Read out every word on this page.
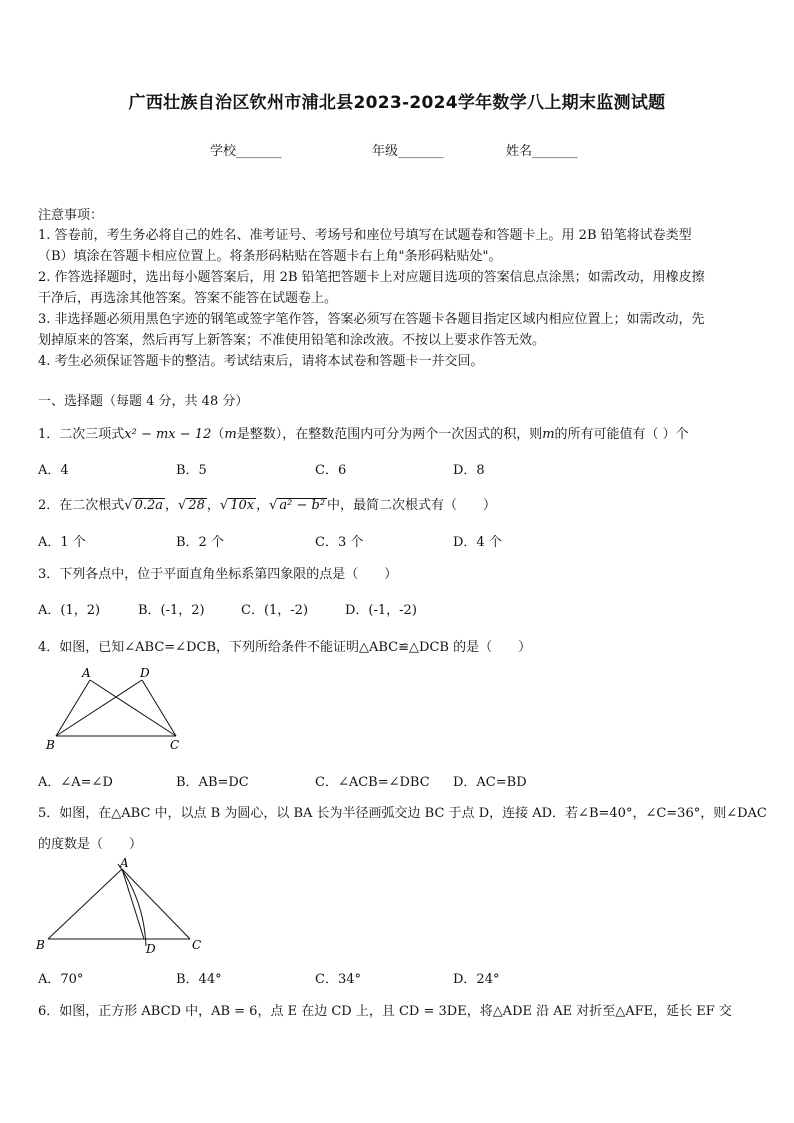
广西壮族自治区钦州市浦北县2023-2024学年数学八上期末监测试题
学校_______	年级_______	姓名_______
注意事项：
1. 答卷前，考生务必将自己的姓名、准考证号、考场号和座位号填写在试题卷和答题卡上。用 2B 铅笔将试卷类型
（B）填涂在答题卡相应位置上。将条形码粘贴在答题卡右上角"条形码粘贴处"。
2. 作答选择题时，选出每小题答案后，用 2B 铅笔把答题卡上对应题目选项的答案信息点涂黑；如需改动，用橡皮擦
干净后，再选涂其他答案。答案不能答在试题卷上。
3. 非选择题必须用黑色字迹的钢笔或签字笔作答，答案必须写在答题卡各题目指定区域内相应位置上；如需改动，先
划掉原来的答案，然后再写上新答案；不准使用铅笔和涂改液。不按以上要求作答无效。
4. 考生必须保证答题卡的整洁。考试结束后，请将本试卷和答题卡一并交回。
一、选择题（每题 4 分，共 48 分）
1．二次三项式x² − mx − 12（m是整数），在整数范围内可分为两个一次因式的积，则m的所有可能值有（ ）个
A．4	B．5	C．6	D．8
2．在二次根式√ 0.2a ，√ 28 ，√ 10x ，√ a² − b² 中，最简二次根式有（　　）
A．1 个	B．2 个	C．3 个	D．4 个
3．下列各点中，位于平面直角坐标系第四象限的点是（　　）
A．(1，2)	B．(-1，2)	C．(1，-2)	D．(-1，-2)
4．如图，已知∠ABC=∠DCB，下列所给条件不能证明△ABC≌△DCB 的是（　　）
A	D
B	C
A．∠A=∠D	B．AB=DC	C．∠ACB=∠DBC D．AC=BD
5．如图，在△ABC 中，以点 B 为圆心，以 BA 长为半径画弧交边 BC 于点 D，连接 AD．若∠B=40°，∠C=36°，则∠DAC
的度数是（　　）
A
B	D	C
A．70°	B．44°	C．34°	D．24°
6．如图，正方形 ABCD 中，AB = 6，点 E 在边 CD 上，且 CD = 3DE，将△ADE 沿 AE 对折至△AFE，延长 EF 交
